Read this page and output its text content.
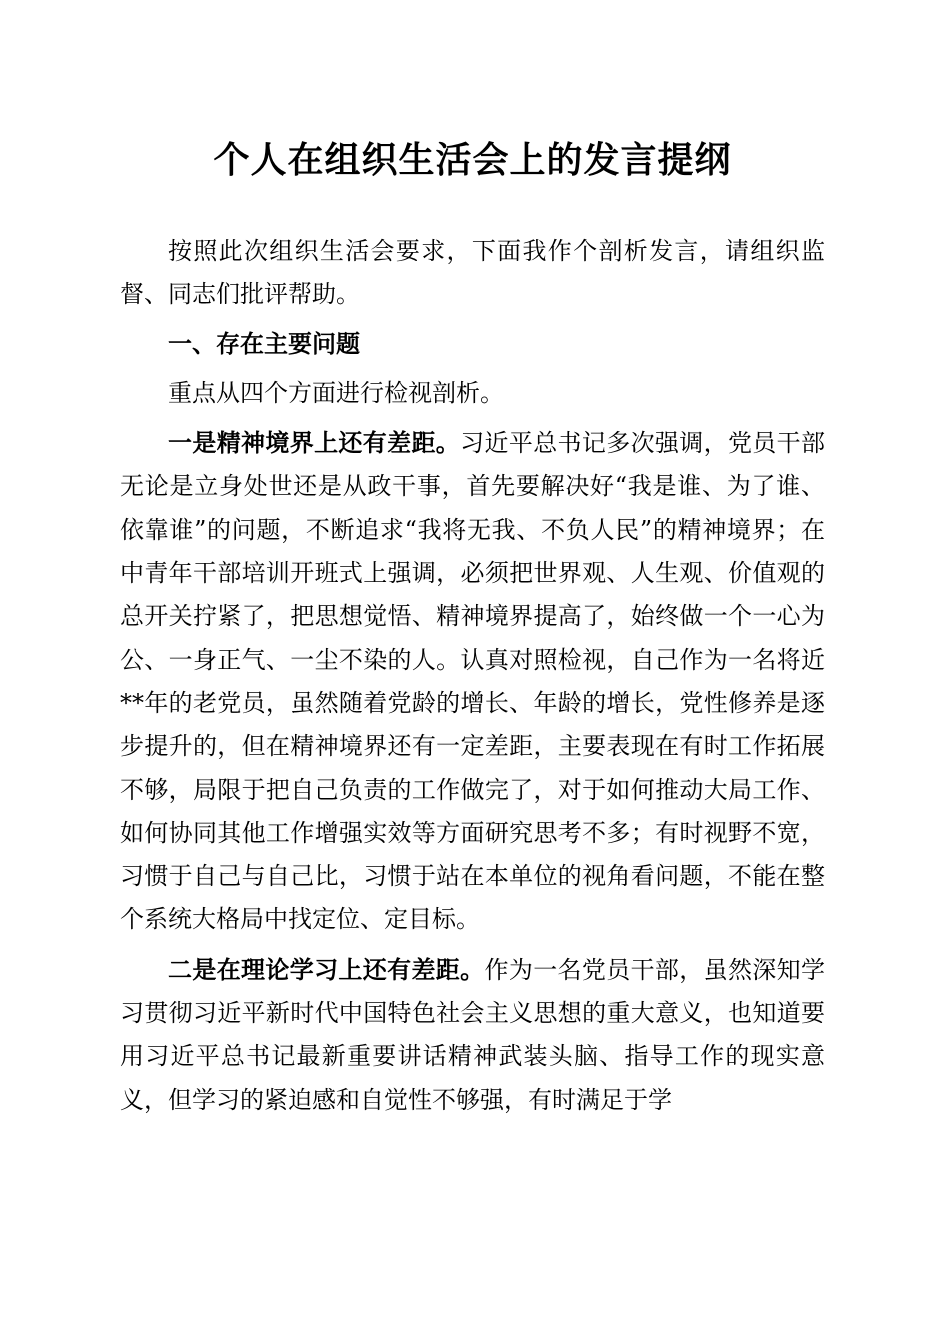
个人在组织生活会上的发言提纲

按照此次组织生活会要求，下面我作个剖析发言，请组织监督、同志们批评帮助。

一、存在主要问题

重点从四个方面进行检视剖析。

一是精神境界上还有差距。习近平总书记多次强调，党员干部无论是立身处世还是从政干事，首先要解决好“我是谁、为了谁、依靠谁”的问题，不断追求“我将无我、不负人民”的精神境界；在中青年干部培训开班式上强调，必须把世界观、人生观、价值观的总开关拧紧了，把思想觉悟、精神境界提高了，始终做一个一心为公、一身正气、一尘不染的人。认真对照检视，自己作为一名将近**年的老党员，虽然随着党龄的增长、年龄的增长，党性修养是逐步提升的，但在精神境界还有一定差距，主要表现在有时工作拓展不够，局限于把自己负责的工作做完了，对于如何推动大局工作、如何协同其他工作增强实效等方面研究思考不多；有时视野不宽，习惯于自己与自己比，习惯于站在本单位的视角看问题，不能在整个系统大格局中找定位、定目标。

二是在理论学习上还有差距。作为一名党员干部，虽然深知学习贯彻习近平新时代中国特色社会主义思想的重大意义，也知道要用习近平总书记最新重要讲话精神武装头脑、指导工作的现实意义，但学习的紧迫感和自觉性不够强，有时满足于学
